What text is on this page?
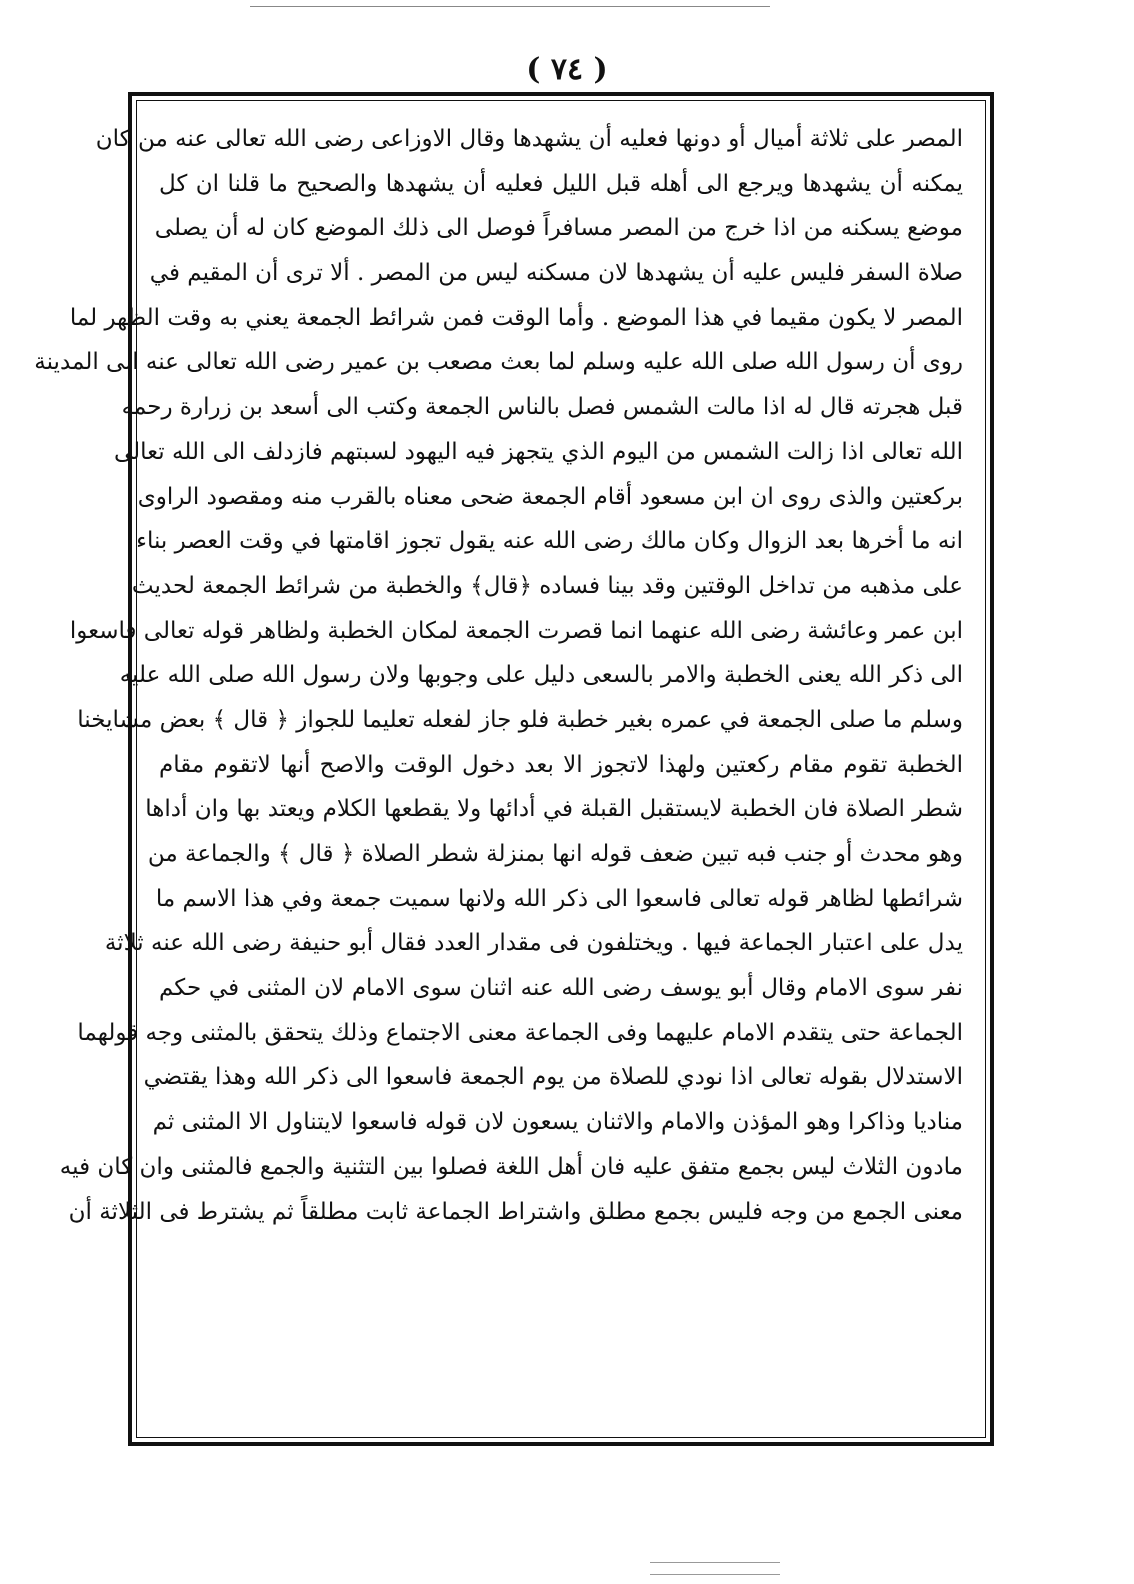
( ٧٤ )
المصر على ثلاثة أميال أو دونها فعليه أن يشهدها وقال الاوزاعى رضى الله تعالى عنه من كان
يمكنه أن يشهدها ويرجع الى أهله قبل الليل فعليه أن يشهدها والصحيح ما قلنا ان كل
موضع يسكنه من اذا خرج من المصر مسافراً فوصل الى ذلك الموضع كان له أن يصلى
صلاة السفر فليس عليه أن يشهدها لان مسكنه ليس من المصر . ألا ترى أن المقيم في
المصر لا يكون مقيما في هذا الموضع . وأما الوقت فمن شرائط الجمعة يعني به وقت الظهر لما
روى أن رسول الله صلى الله عليه وسلم لما بعث مصعب بن عمير رضى الله تعالى عنه الى المدينة
قبل هجرته قال له اذا مالت الشمس فصل بالناس الجمعة وكتب الى أسعد بن زرارة رحمه
الله تعالى اذا زالت الشمس من اليوم الذي يتجهز فيه اليهود لسبتهم فازدلف الى الله تعالى
بركعتين والذى روى ان ابن مسعود أقام الجمعة ضحى معناه بالقرب منه ومقصود الراوى
انه ما أخرها بعد الزوال وكان مالك رضى الله عنه يقول تجوز اقامتها في وقت العصر بناء
على مذهبه من تداخل الوقتين وقد بينا فساده ﴿قال﴾ والخطبة من شرائط الجمعة لحديث
ابن عمر وعائشة رضى الله عنهما انما قصرت الجمعة لمكان الخطبة ولظاهر قوله تعالى فاسعوا
الى ذكر الله يعنى الخطبة والامر بالسعى دليل على وجوبها ولان رسول الله صلى الله عليه
وسلم ما صلى الجمعة في عمره بغير خطبة فلو جاز لفعله تعليما للجواز ﴿ قال ﴾ بعض مشايخنا
الخطبة تقوم مقام ركعتين ولهذا لاتجوز الا بعد دخول الوقت والاصح أنها لاتقوم مقام
شطر الصلاة فان الخطبة لايستقبل القبلة في أدائها ولا يقطعها الكلام ويعتد بها وان أداها
وهو محدث أو جنب فبه تبين ضعف قوله انها بمنزلة شطر الصلاة ﴿ قال ﴾ والجماعة من
شرائطها لظاهر قوله تعالى فاسعوا الى ذكر الله ولانها سميت جمعة وفي هذا الاسم ما
يدل على اعتبار الجماعة فيها . ويختلفون فى مقدار العدد فقال أبو حنيفة رضى الله عنه ثلاثة
نفر سوى الامام وقال أبو يوسف رضى الله عنه اثنان سوى الامام لان المثنى في حكم
الجماعة حتى يتقدم الامام عليهما وفى الجماعة معنى الاجتماع وذلك يتحقق بالمثنى وجه قولهما
الاستدلال بقوله تعالى اذا نودي للصلاة من يوم الجمعة فاسعوا الى ذكر الله وهذا يقتضي
مناديا وذاكرا وهو المؤذن والامام والاثنان يسعون لان قوله فاسعوا لايتناول الا المثنى ثم
مادون الثلاث ليس بجمع متفق عليه فان أهل اللغة فصلوا بين التثنية والجمع فالمثنى وان كان فيه
معنى الجمع من وجه فليس بجمع مطلق واشتراط الجماعة ثابت مطلقاً ثم يشترط فى الثلاثة أن
